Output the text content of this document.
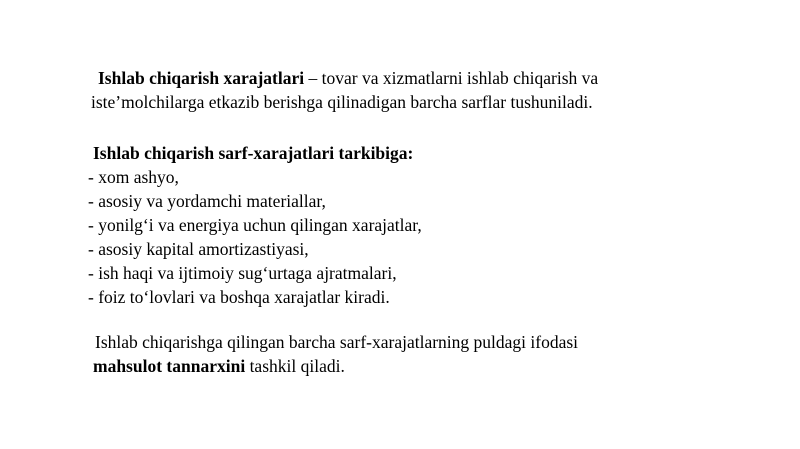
Ishlab chiqarish xarajatlari – tovar va xizmatlarni ishlab chiqarish va
iste’molchilarga etkazib berishga qilinadigan barcha sarflar tushuniladi.
Ishlab chiqarish sarf-xarajatlari tarkibiga:
- xom ashyo,
- asosiy va yordamchi materiallar,
- yonilg‘i va energiya uchun qilingan xarajatlar,
- asosiy kapital amortizastiyasi,
- ish haqi va ijtimoiy sug‘urtaga ajratmalari,
- foiz to‘lovlari va boshqa xarajatlar kiradi.
Ishlab chiqarishga qilingan barcha sarf-xarajatlarning puldagi ifodasi
mahsulot tannarxini tashkil qiladi.
